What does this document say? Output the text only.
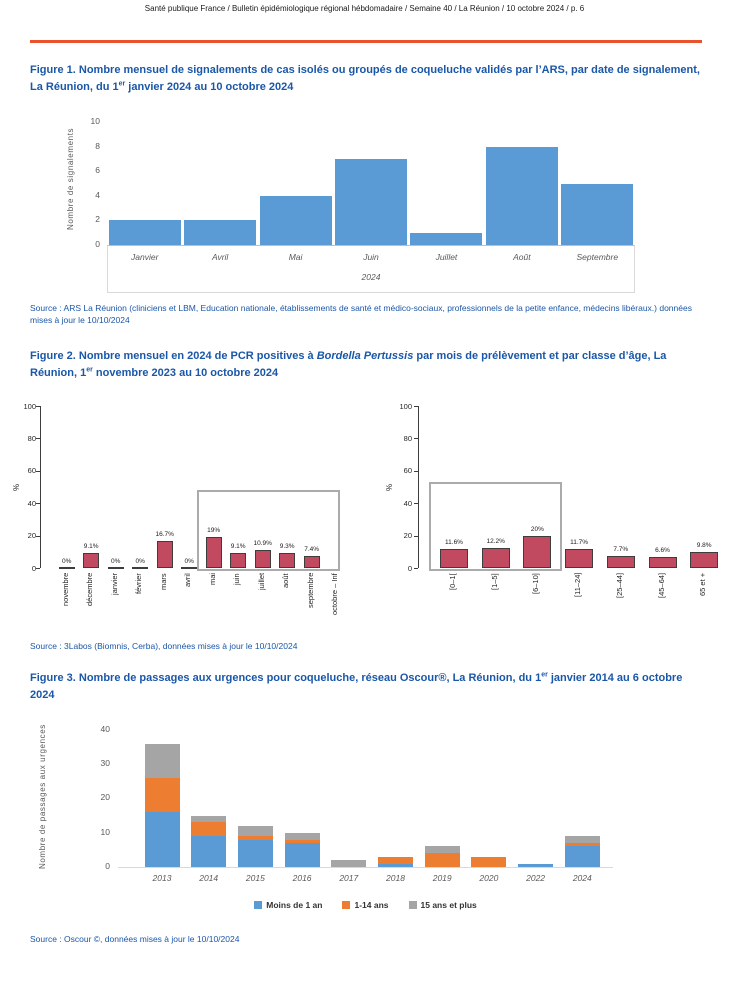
Santé publique France / Bulletin épidémiologique régional hébdomadaire / Semaine 40 / La Réunion / 10 octobre 2024 / p. 6

Figure 1. Nombre mensuel de signalements de cas isolés ou groupés de coqueluche validés par l’ARS, par date de signalement, La Réunion, du 1er janvier 2024 au 10 octobre 2024

0
2
4
6
8
10
Nombre de signalements
Janvier	Avril	Mai	Juin	Juillet	Août	Septembre
2024

Source : ARS La Réunion (cliniciens et LBM, Education nationale, établissements de santé et médico-sociaux, professionnels de la petite enfance, médecins libéraux.) données mises à jour le 10/10/2024

Figure 2. Nombre mensuel en 2024 de PCR positives à Bordella Pertussis par mois de prélèvement et par classe d’âge, La Réunion, 1er novembre 2023 au 10 octobre 2024

0
20
40
60
80
100
%
0%
novembre
9.1%
décembre
0%
janvier
0%
février
16.7%
mars
0%
avril
19%
mai
9.1%
juin
10.9%
juillet
9.3%
août
7.4%
septembre	octobre – Inf
0
20
40
60
80
100
%
11.6%
[0–1[
12.2%
[1–5]
20%
[6–10]
11.7%
[11–24]
7.7%
[25–44]
6.6%
[45–64]
9.8%
65 et +

Source : 3Labos (Biomnis, Cerba), données mises à jour le 10/10/2024

Figure 3. Nombre de passages aux urgences pour coqueluche, réseau Oscour®, La Réunion, du 1er janvier 2014 au 6 octobre 2024

0
10
20
30
40
Nombre de passages aux urgences
2013	2014	2015	2016	2017	2018	2019	2020	2022	2024
Moins de 1 an	1-14 ans	15 ans et plus

Source : Oscour ©, données mises à jour le 10/10/2024
